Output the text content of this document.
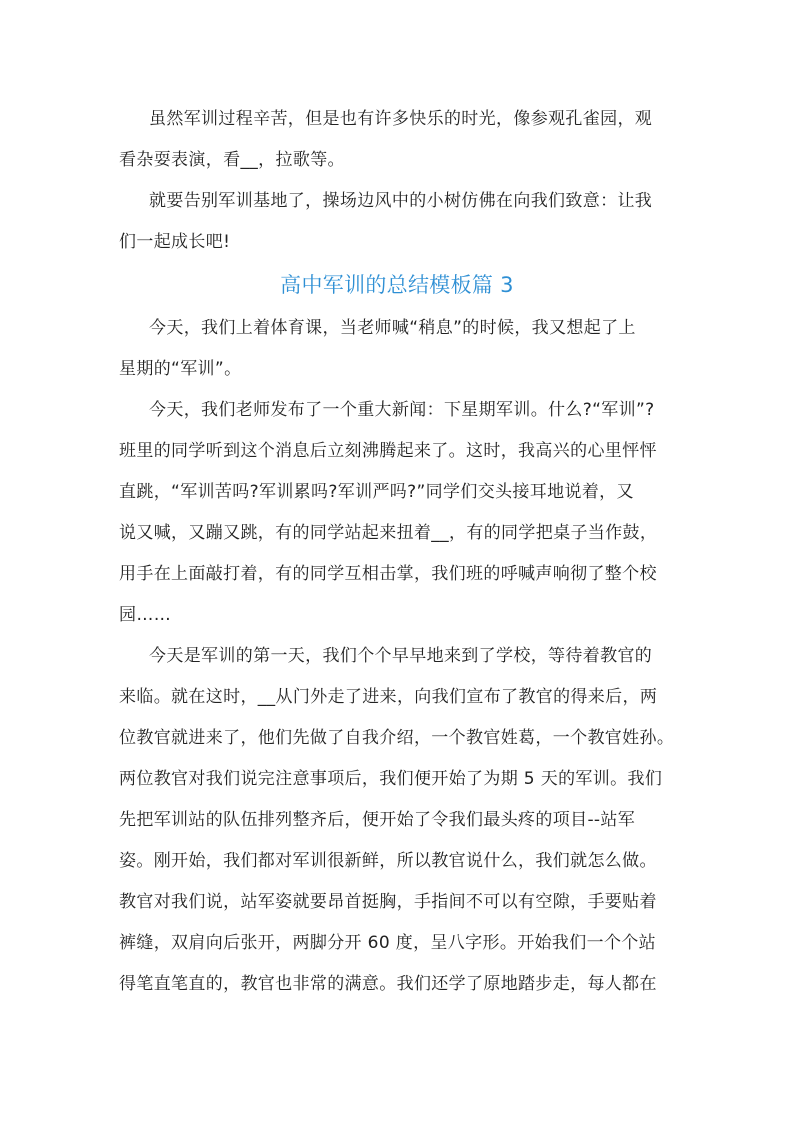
虽然军训过程辛苦，但是也有许多快乐的时光，像参观孔雀园，观
看杂耍表演，看__，拉歌等。

就要告别军训基地了，操场边风中的小树仿佛在向我们致意：让我
们一起成长吧!

高中军训的总结模板篇 3

今天，我们上着体育课，当老师喊“稍息”的时候，我又想起了上
星期的“军训”。

今天，我们老师发布了一个重大新闻：下星期军训。什么?“军训”?
班里的同学听到这个消息后立刻沸腾起来了。这时，我高兴的心里怦怦
直跳，“军训苦吗?军训累吗?军训严吗?”同学们交头接耳地说着，又
说又喊，又蹦又跳，有的同学站起来扭着__，有的同学把桌子当作鼓，
用手在上面敲打着，有的同学互相击掌，我们班的呼喊声响彻了整个校
园……

今天是军训的第一天，我们个个早早地来到了学校，等待着教官的
来临。就在这时，__从门外走了进来，向我们宣布了教官的得来后，两
位教官就进来了，他们先做了自我介绍，一个教官姓葛，一个教官姓孙。
两位教官对我们说完注意事项后，我们便开始了为期 5 天的军训。我们
先把军训站的队伍排列整齐后，便开始了令我们最头疼的项目--站军
姿。刚开始，我们都对军训很新鲜，所以教官说什么，我们就怎么做。
教官对我们说，站军姿就要昂首挺胸，手指间不可以有空隙，手要贴着
裤缝，双肩向后张开，两脚分开 60 度，呈八字形。开始我们一个个站
得笔直笔直的，教官也非常的满意。我们还学了原地踏步走，每人都在
